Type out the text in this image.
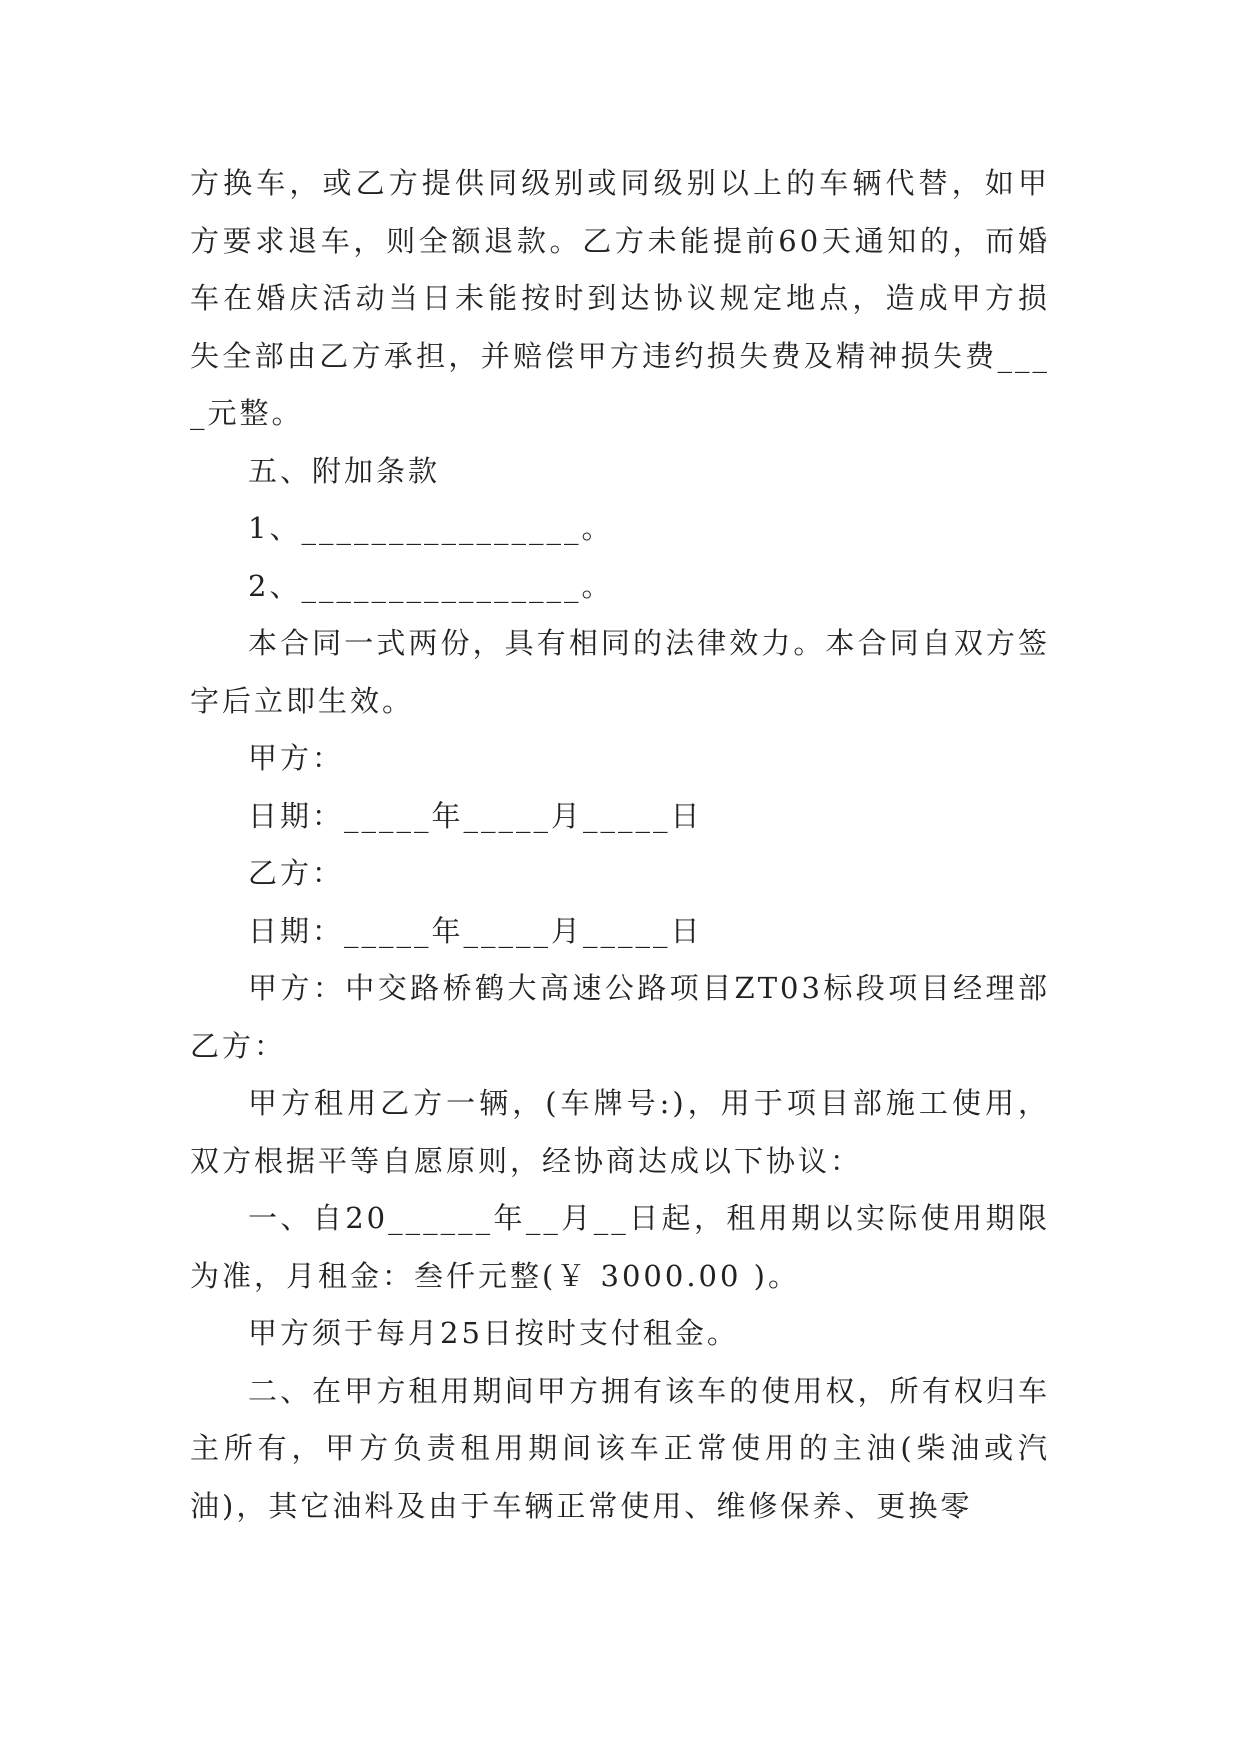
方换车，或乙方提供同级别或同级别以上的车辆代替，如甲方要求退车，则全额退款。乙方未能提前60天通知的，而婚车在婚庆活动当日未能按时到达协议规定地点，造成甲方损失全部由乙方承担，并赔偿甲方违约损失费及精神损失费____元整。

五、附加条款

1、________________。

2、________________。

本合同一式两份，具有相同的法律效力。本合同自双方签字后立即生效。

甲方：

日期：_____年_____月_____日

乙方：

日期：_____年_____月_____日

甲方：中交路桥鹤大高速公路项目ZT03标段项目经理部乙方：

甲方租用乙方一辆，(车牌号:)，用于项目部施工使用，双方根据平等自愿原则，经协商达成以下协议：

一、自20______年__月__日起，租用期以实际使用期限为准，月租金：叁仟元整(￥ 3000.00 )。

甲方须于每月25日按时支付租金。

二、在甲方租用期间甲方拥有该车的使用权，所有权归车主所有，甲方负责租用期间该车正常使用的主油(柴油或汽油)，其它油料及由于车辆正常使用、维修保养、更换零
